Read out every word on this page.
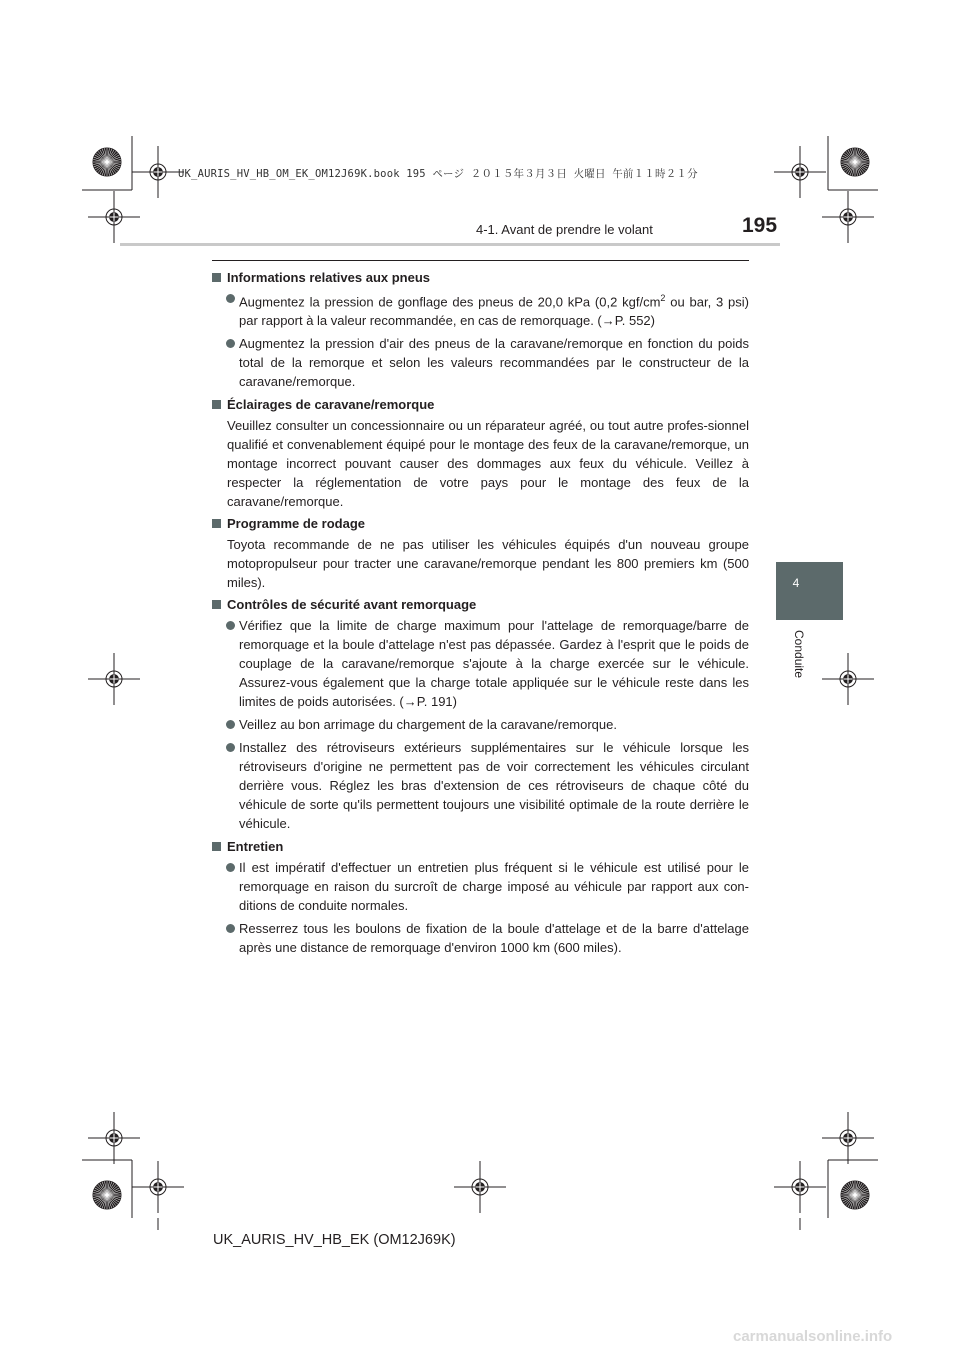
UK_AURIS_HV_HB_OM_EK_OM12J69K.book 195 ページ ２０１５年３月３日 火曜日 午前１１時２１分
4-1. Avant de prendre le volant	195
4
Conduite
Informations relatives aux pneus
Augmentez la pression de gonflage des pneus de 20,0 kPa (0,2 kgf/$cm^2$ ou bar, 3 psi) par rapport à la valeur recommandée, en cas de remorquage. (→P. 552)
Augmentez la pression d'air des pneus de la caravane/remorque en fonction du poids total de la remorque et selon les valeurs recommandées par le constructeur de la caravane/remorque.
Éclairages de caravane/remorque
Veuillez consulter un concessionnaire ou un réparateur agréé, ou tout autre profes-sionnel qualifié et convenablement équipé pour le montage des feux de la caravane/remorque, un montage incorrect pouvant causer des dommages aux feux du véhicule. Veillez à respecter la réglementation de votre pays pour le montage des feux de la caravane/remorque.
Programme de rodage
Toyota recommande de ne pas utiliser les véhicules équipés d'un nouveau groupe motopropulseur pour tracter une caravane/remorque pendant les 800 premiers km (500 miles).
Contrôles de sécurité avant remorquage
Vérifiez que la limite de charge maximum pour l'attelage de remorquage/barre de remorquage et la boule d'attelage n'est pas dépassée. Gardez à l'esprit que le poids de couplage de la caravane/remorque s'ajoute à la charge exercée sur le véhicule. Assurez-vous également que la charge totale appliquée sur le véhicule reste dans les limites de poids autorisées. (→P. 191)
Veillez au bon arrimage du chargement de la caravane/remorque.
Installez des rétroviseurs extérieurs supplémentaires sur le véhicule lorsque les rétroviseurs d'origine ne permettent pas de voir correctement les véhicules circulant derrière vous. Réglez les bras d'extension de ces rétroviseurs de chaque côté du véhicule de sorte qu'ils permettent toujours une visibilité optimale de la route derrière le véhicule.
Entretien
Il est impératif d'effectuer un entretien plus fréquent si le véhicule est utilisé pour le remorquage en raison du surcroît de charge imposé au véhicule par rapport aux con-ditions de conduite normales.
Resserrez tous les boulons de fixation de la boule d'attelage et de la barre d'attelage après une distance de remorquage d'environ 1000 km (600 miles).
UK_AURIS_HV_HB_EK (OM12J69K)
carmanualsonline.info
